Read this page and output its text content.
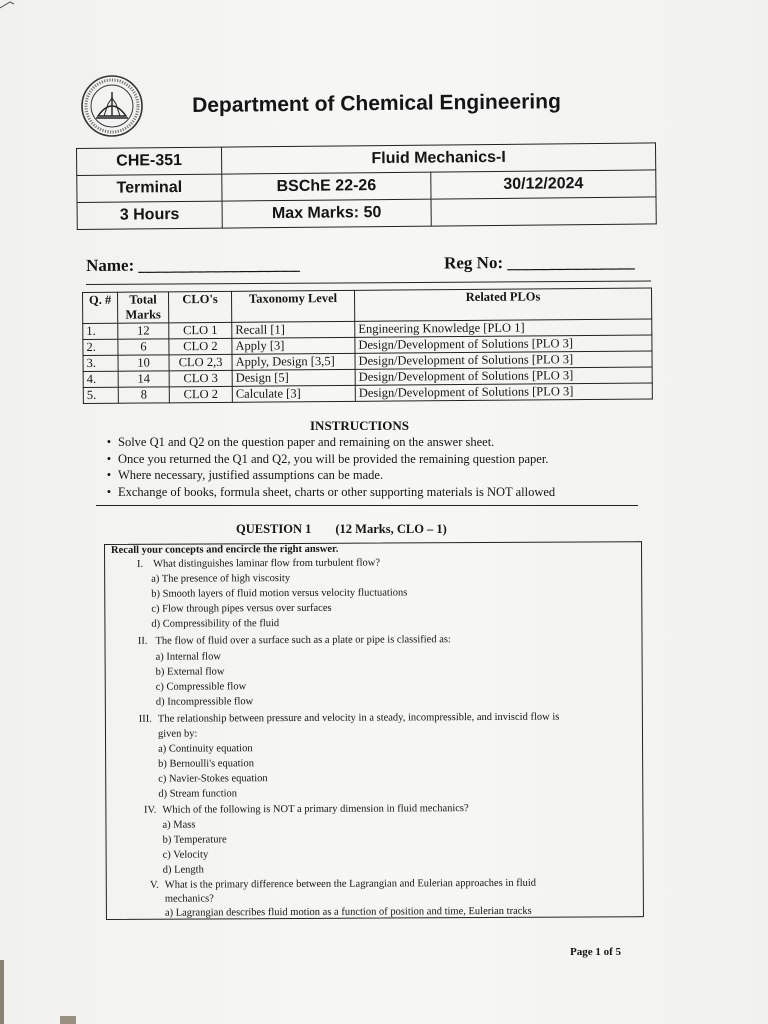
Department of Chemical Engineering
CHE-351	Fluid Mechanics-I	
Terminal	BSChE 22-26	30/12/2024
3 Hours	Max Marks: 50	
Name: ___________________	Reg No: _______________
Q. #	Total Marks	CLO's	Taxonomy Level	Related PLOs
1.	12	CLO 1	Recall [1]	Engineering Knowledge [PLO 1]
2.	6	CLO 2	Apply [3]	Design/Development of Solutions [PLO 3]
3.	10	CLO 2,3	Apply, Design [3,5]	Design/Development of Solutions [PLO 3]
4.	14	CLO 3	Design [5]	Design/Development of Solutions [PLO 3]
5.	8	CLO 2	Calculate [3]	Design/Development of Solutions [PLO 3]
INSTRUCTIONS
• Solve Q1 and Q2 on the question paper and remaining on the answer sheet.
• Once you returned the Q1 and Q2, you will be provided the remaining question paper.
• Where necessary, justified assumptions can be made.
• Exchange of books, formula sheet, charts or other supporting materials is NOT allowed
QUESTION 1 (12 Marks, CLO – 1)
Recall your concepts and encircle the right answer.
I. What distinguishes laminar flow from turbulent flow?
a) The presence of high viscosity
b) Smooth layers of fluid motion versus velocity fluctuations
c) Flow through pipes versus over surfaces
d) Compressibility of the fluid
II. The flow of fluid over a surface such as a plate or pipe is classified as:
a) Internal flow
b) External flow
c) Compressible flow
d) Incompressible flow
III. The relationship between pressure and velocity in a steady, incompressible, and inviscid flow is
given by:
a) Continuity equation
b) Bernoulli's equation
c) Navier-Stokes equation
d) Stream function
IV. Which of the following is NOT a primary dimension in fluid mechanics?
a) Mass
b) Temperature
c) Velocity
d) Length
V. What is the primary difference between the Lagrangian and Eulerian approaches in fluid
mechanics?
a) Lagrangian describes fluid motion as a function of position and time, Eulerian tracks
Page 1 of 5
